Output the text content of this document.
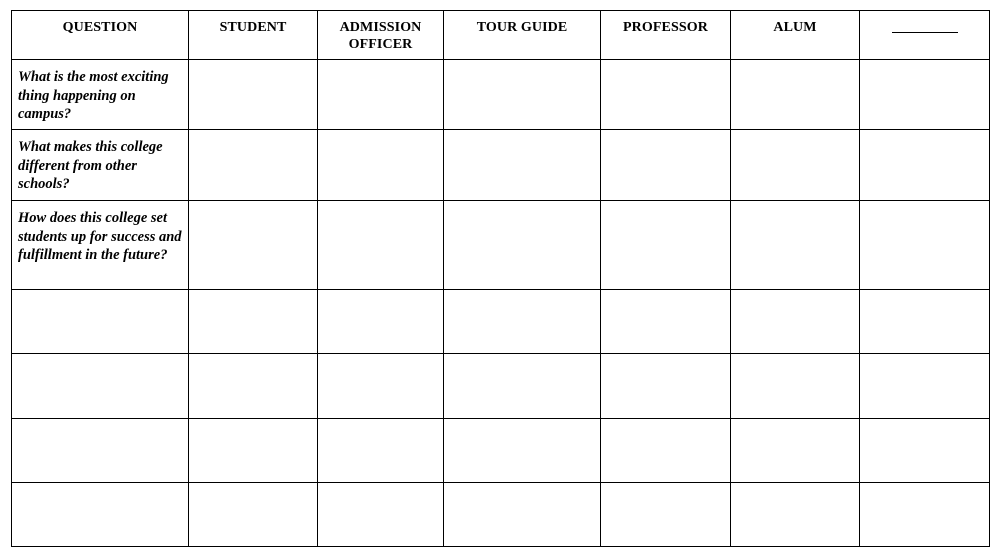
QUESTION	STUDENT	ADMISSION OFFICER	TOUR GUIDE	PROFESSOR	ALUM	
What is the most exciting thing happening on campus?						
What makes this college different from other schools?						
How does this college set students up for success and fulfillment in the future?						
